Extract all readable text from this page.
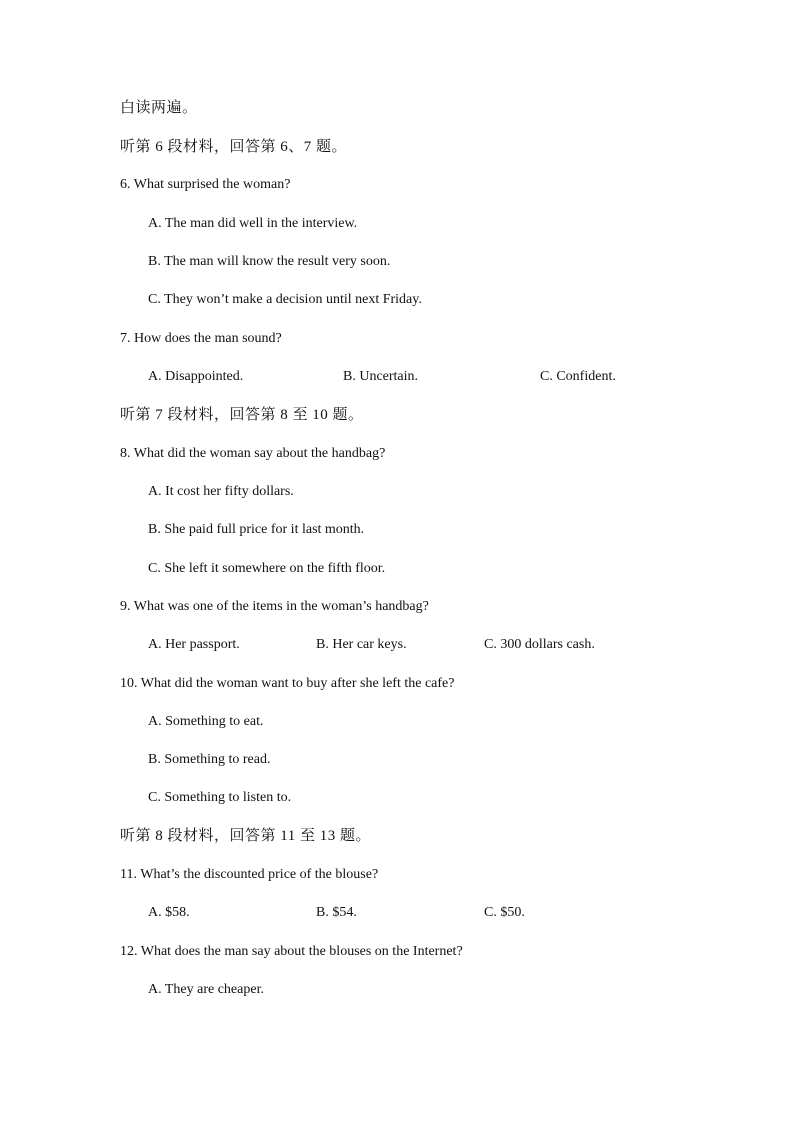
白读两遍。
听第 6 段材料，回答第 6、7 题。
6. What surprised the woman?
A. The man did well in the interview.
B. The man will know the result very soon.
C. They won’t make a decision until next Friday.
7. How does the man sound?
A. Disappointed.	B. Uncertain.	C. Confident.
听第 7 段材料，回答第 8 至 10 题。
8. What did the woman say about the handbag?
A. It cost her fifty dollars.
B. She paid full price for it last month.
C. She left it somewhere on the fifth floor.
9. What was one of the items in the woman’s handbag?
A. Her passport.	B. Her car keys.	C. 300 dollars cash.
10. What did the woman want to buy after she left the cafe?
A. Something to eat.
B. Something to read.
C. Something to listen to.
听第 8 段材料，回答第 11 至 13 题。
11. What’s the discounted price of the blouse?
A. $58.	B. $54.	C. $50.
12. What does the man say about the blouses on the Internet?
A. They are cheaper.
